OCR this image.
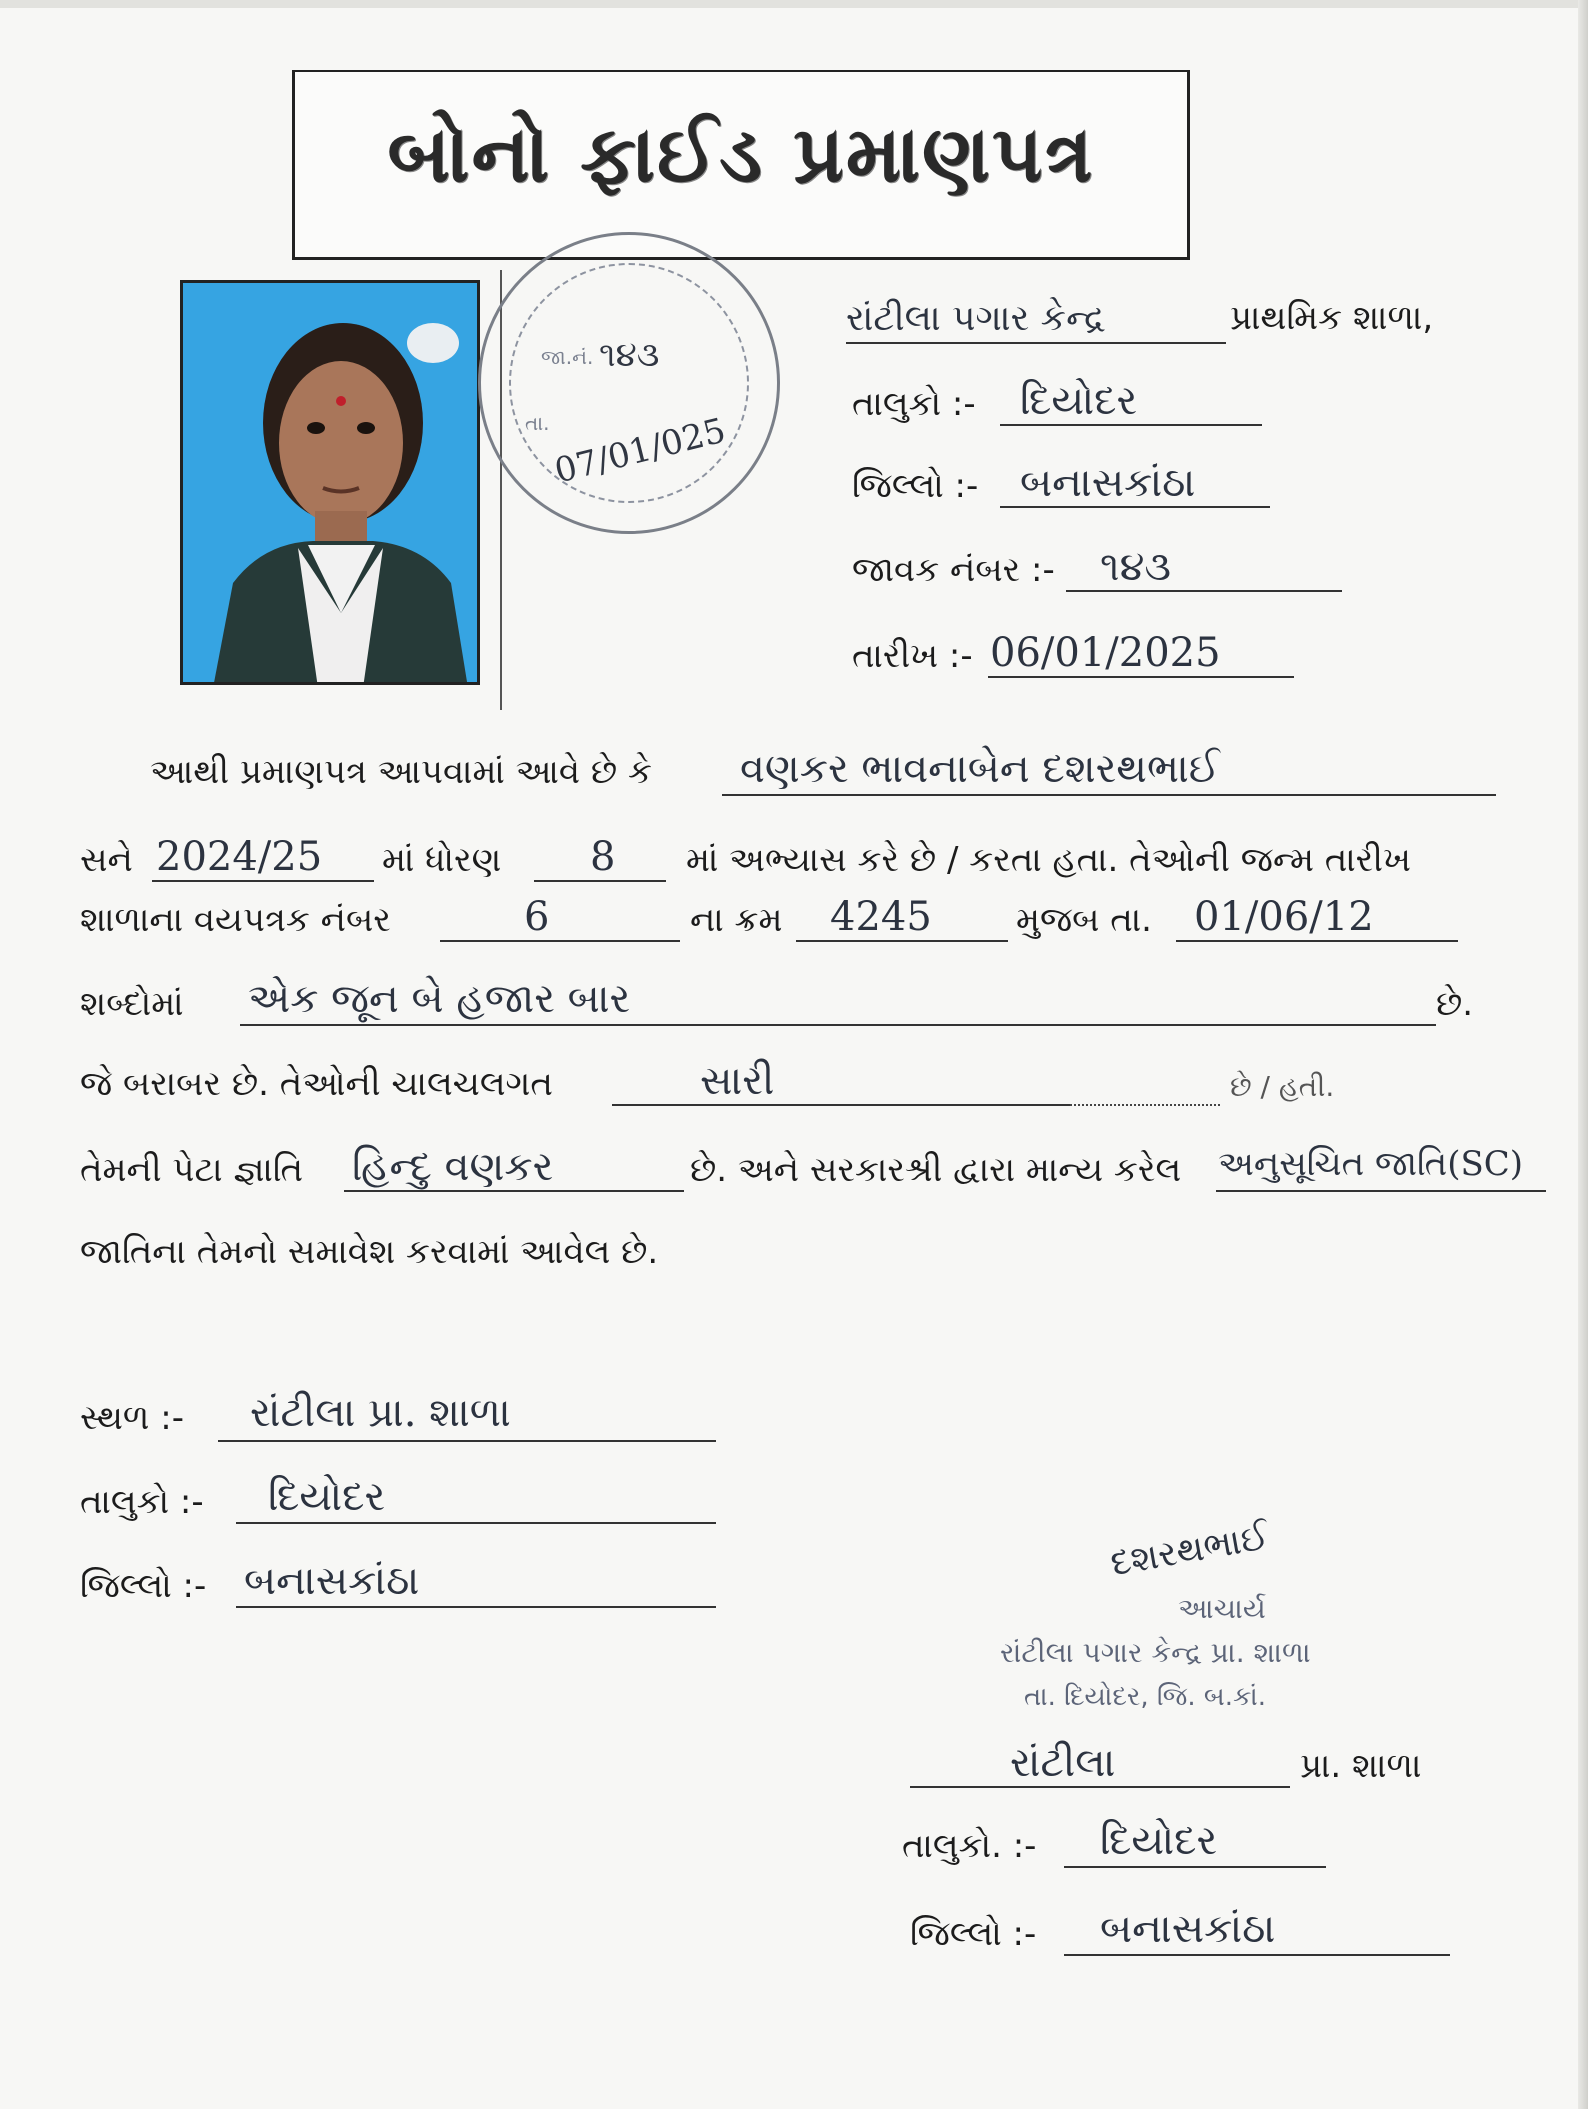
બોનો ફાઈડ પ્રમાણપત્ર
જા.નં.
તા.
૧૪૩
07/01/025
રાંટીલા પગાર કેન્દ્ર	પ્રાથમિક શાળા,
તાલુકો :- દિયોદર
જિલ્લો :- બનાસકાંઠા
જાવક નંબર :- ૧૪૩
તારીખ :- 06/01/2025
આથી પ્રમાણપત્ર આપવામાં આવે છે કે વણકર ભાવનાબેન દશરથભાઈ
સને 2024/25 માં ધોરણ 8 માં અભ્યાસ કરે છે / કરતા હતા. તેઓની જન્મ તારીખ
શાળાના વયપત્રક નંબર	6	ના ક્રમ 4245 મુજબ તા. 01/06/12
શબ્દોમાં એક જૂન બે હજાર બાર	છે.
જે બરાબર છે. તેઓની ચાલચલગત	સારી	છે / હતી.
તેમની પેટા જ્ઞાતિ હિન્દુ વણકર	છે. અને સરકારશ્રી દ્વારા માન્ય કરેલ અનુસૂચિત જાતિ(SC)
જાતિના તેમનો સમાવેશ કરવામાં આવેલ છે.
સ્થળ :- રાંટીલા પ્રા. શાળા
તાલુકો :- દિયોદર
જિલ્લો :- બનાસકાંઠા	દશરથભાઈ
આચાર્ય
રાંટીલા પગાર કેન્દ્ર પ્રા. શાળા
તા. દિયોદર, જિ. બ.કાં.
રાંટીલા	પ્રા. શાળા
તાલુકો. :- દિયોદર
જિલ્લો :- બનાસકાંઠા
